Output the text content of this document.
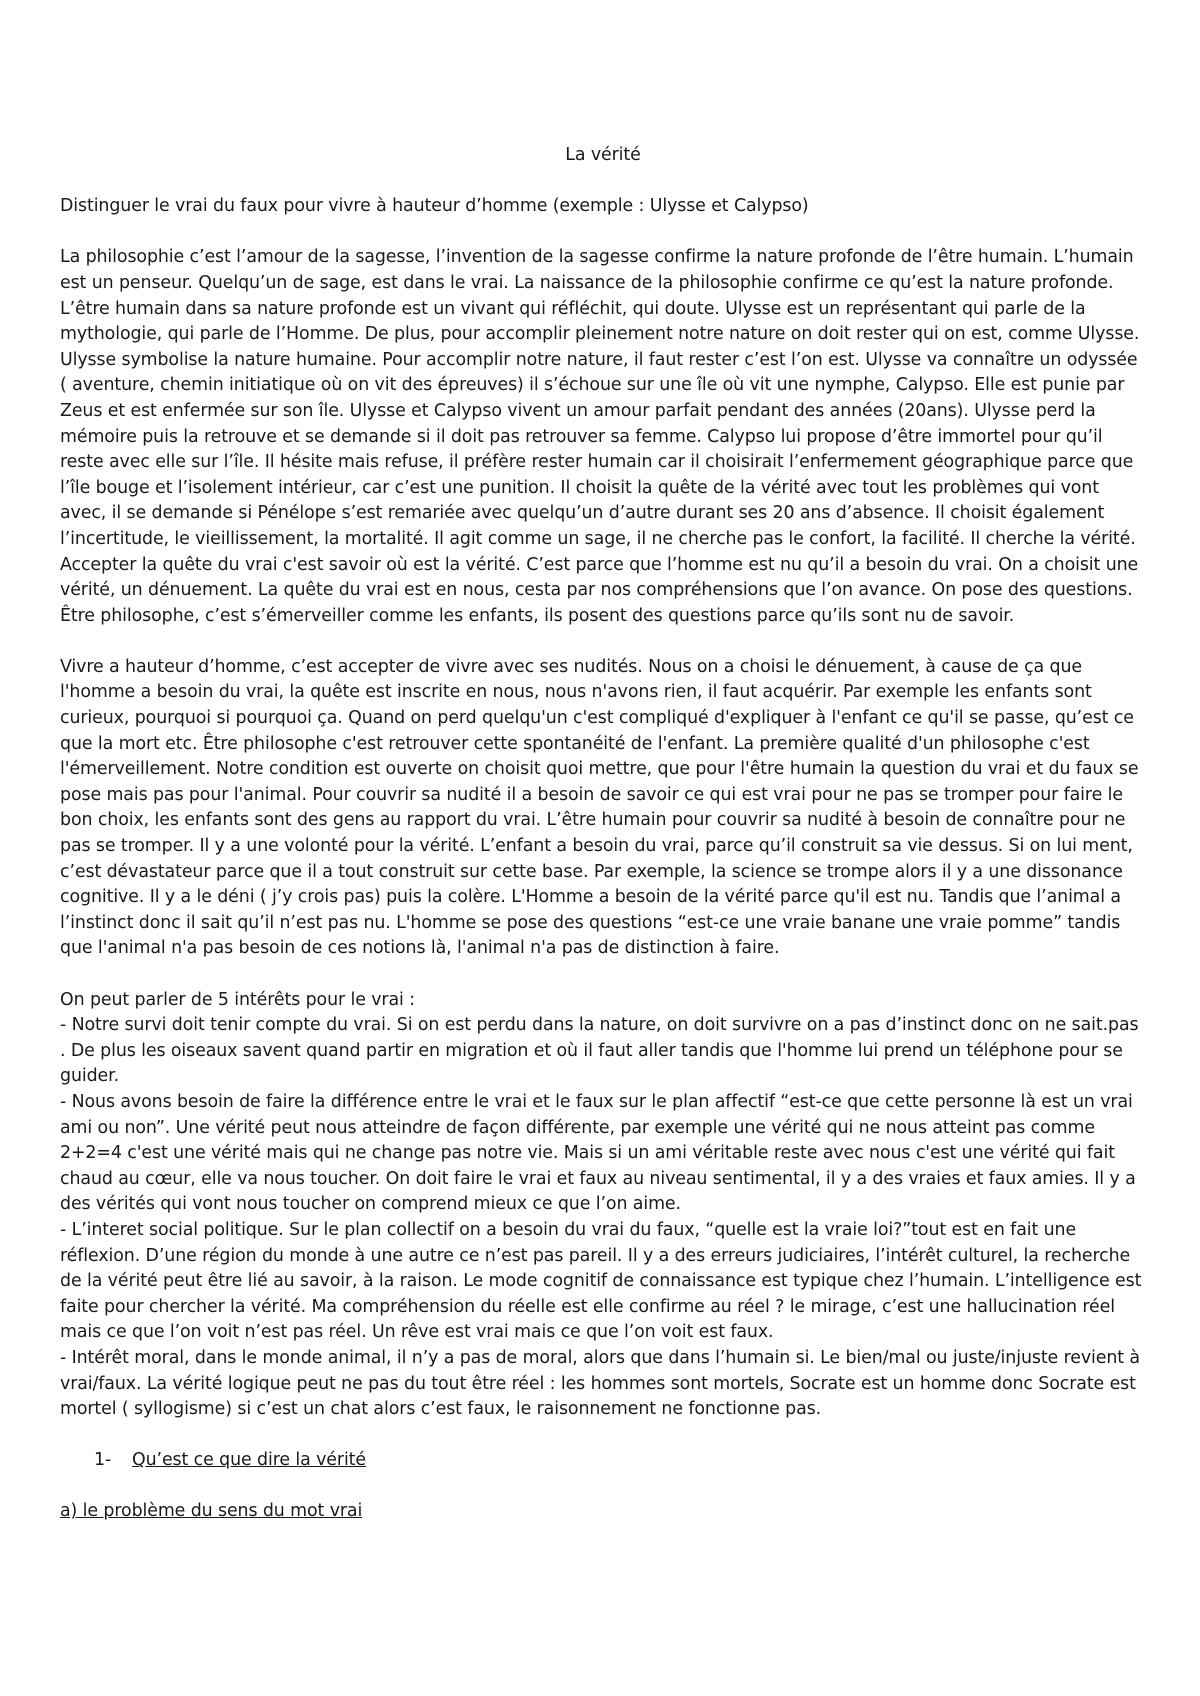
La vérité

Distinguer le vrai du faux pour vivre à hauteur d’homme (exemple : Ulysse et Calypso)

La philosophie c’est l’amour de la sagesse, l’invention de la sagesse confirme la nature profonde de l’être humain. L’humain est un penseur. Quelqu’un de sage, est dans le vrai. La naissance de la philosophie confirme ce qu’est la nature profonde. L’être humain dans sa nature profonde est un vivant qui réfléchit, qui doute. Ulysse est un représentant qui parle de la mythologie, qui parle de l’Homme. De plus, pour accomplir pleinement notre nature on doit rester qui on est, comme Ulysse. Ulysse symbolise la nature humaine. Pour accomplir notre nature, il faut rester c’est l’on est. Ulysse va connaître un odyssée ( aventure, chemin initiatique où on vit des épreuves) il s’échoue sur une île où vit une nymphe, Calypso. Elle est punie par Zeus et est enfermée sur son île. Ulysse et Calypso vivent un amour parfait pendant des années (20ans). Ulysse perd la mémoire puis la retrouve et se demande si il doit pas retrouver sa femme. Calypso lui propose d’être immortel pour qu’il reste avec elle sur l’île. Il hésite mais refuse, il préfère rester humain car il choisirait l’enfermement géographique parce que l’île bouge et l’isolement intérieur, car c’est une punition. Il choisit la quête de la vérité avec tout les problèmes qui vont avec, il se demande si Pénélope s’est remariée avec quelqu’un d’autre durant ses 20 ans d’absence. Il choisit également l’incertitude, le vieillissement, la mortalité. Il agit comme un sage, il ne cherche pas le confort, la facilité. Il cherche la vérité. Accepter la quête du vrai c'est savoir où est la vérité. C’est parce que l’homme est nu qu’il a besoin du vrai. On a choisit une vérité, un dénuement. La quête du vrai est en nous, cesta par nos compréhensions que l’on avance. On pose des questions. Être philosophe, c’est s’émerveiller comme les enfants, ils posent des questions parce qu’ils sont nu de savoir.

Vivre a hauteur d’homme, c’est accepter de vivre avec ses nudités. Nous on a choisi le dénuement, à cause de ça que l'homme a besoin du vrai, la quête est inscrite en nous, nous n'avons rien, il faut acquérir. Par exemple les enfants sont curieux, pourquoi si pourquoi ça. Quand on perd quelqu'un c'est compliqué d'expliquer à l'enfant ce qu'il se passe, qu’est ce que la mort etc. Être philosophe c'est retrouver cette spontanéité de l'enfant. La première qualité d'un philosophe c'est l'émerveillement. Notre condition est ouverte on choisit quoi mettre, que pour l'être humain la question du vrai et du faux se pose mais pas pour l'animal. Pour couvrir sa nudité il a besoin de savoir ce qui est vrai pour ne pas se tromper pour faire le bon choix, les enfants sont des gens au rapport du vrai. L’être humain pour couvrir sa nudité à besoin de connaître pour ne pas se tromper. Il y a une volonté pour la vérité. L’enfant a besoin du vrai, parce qu’il construit sa vie dessus. Si on lui ment, c’est dévastateur parce que il a tout construit sur cette base. Par exemple, la science se trompe alors il y a une dissonance cognitive. Il y a le déni ( j’y crois pas) puis la colère. L'Homme a besoin de la vérité parce qu'il est nu. Tandis que l’animal a l’instinct donc il sait qu’il n’est pas nu. L'homme se pose des questions “est-ce une vraie banane une vraie pomme” tandis que l'animal n'a pas besoin de ces notions là, l'animal n'a pas de distinction à faire.

On peut parler de 5 intérêts pour le vrai :

- Notre survi doit tenir compte du vrai. Si on est perdu dans la nature, on doit survivre on a pas d’instinct donc on ne sait.pas . De plus les oiseaux savent quand partir en migration et où il faut aller tandis que l'homme lui prend un téléphone pour se guider.

- Nous avons besoin de faire la différence entre le vrai et le faux sur le plan affectif “est-ce que cette personne là est un vrai ami ou non”. Une vérité peut nous atteindre de façon différente, par exemple une vérité qui ne nous atteint pas comme 2+2=4 c'est une vérité mais qui ne change pas notre vie. Mais si un ami véritable reste avec nous c'est une vérité qui fait chaud au cœur, elle va nous toucher. On doit faire le vrai et faux au niveau sentimental, il y a des vraies et faux amies. Il y a des vérités qui vont nous toucher on comprend mieux ce que l’on aime.

- L’interet social politique. Sur le plan collectif on a besoin du vrai du faux, “quelle est la vraie loi?”tout est en fait une réflexion. D’une région du monde à une autre ce n’est pas pareil. Il y a des erreurs judiciaires, l’intérêt culturel, la recherche de la vérité peut être lié au savoir, à la raison. Le mode cognitif de connaissance est typique chez l’humain. L’intelligence est faite pour chercher la vérité. Ma compréhension du réelle est elle confirme au réel ? le mirage, c’est une hallucination réel mais ce que l’on voit n’est pas réel. Un rêve est vrai mais ce que l’on voit est faux.

- Intérêt moral, dans le monde animal, il n’y a pas de moral, alors que dans l’humain si. Le bien/mal ou juste/injuste revient à vrai/faux. La vérité logique peut ne pas du tout être réel : les hommes sont mortels, Socrate est un homme donc Socrate est mortel ( syllogisme) si c’est un chat alors c’est faux, le raisonnement ne fonctionne pas.

1- Qu’est ce que dire la vérité

a) le problème du sens du mot vrai
